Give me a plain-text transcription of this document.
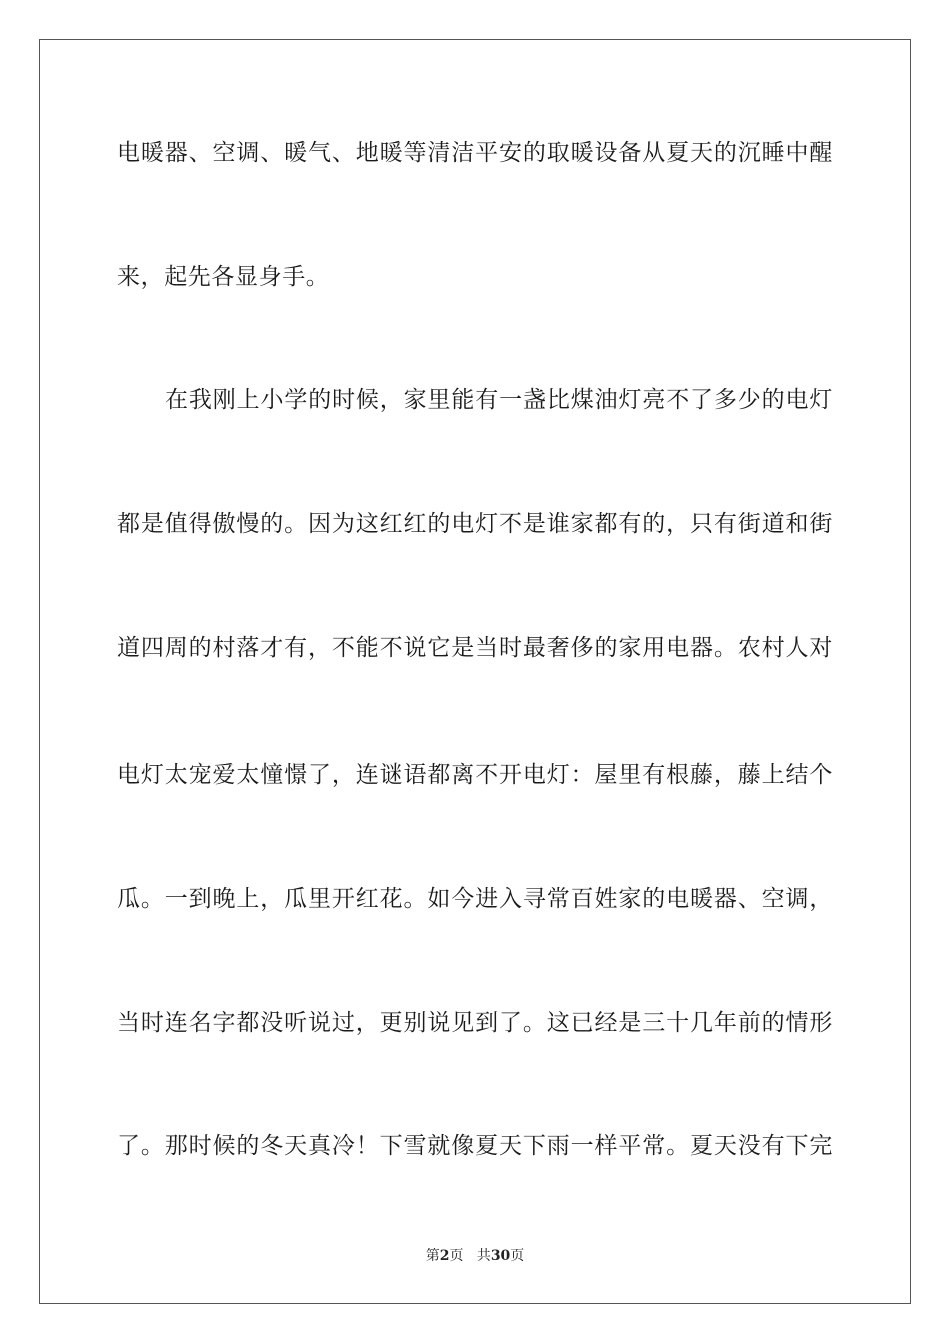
电暖器、空调、暖气、地暖等清洁平安的取暖设备从夏天的沉睡中醒
来，起先各显身手。
在我刚上小学的时候，家里能有一盏比煤油灯亮不了多少的电灯
都是值得傲慢的。因为这红红的电灯不是谁家都有的，只有街道和街
道四周的村落才有，不能不说它是当时最奢侈的家用电器。农村人对
电灯太宠爱太憧憬了，连谜语都离不开电灯：屋里有根藤，藤上结个
瓜。一到晚上，瓜里开红花。如今进入寻常百姓家的电暖器、空调，
当时连名字都没听说过，更别说见到了。这已经是三十几年前的情形
了。那时候的冬天真冷！下雪就像夏天下雨一样平常。夏天没有下完
第2页 共30页
